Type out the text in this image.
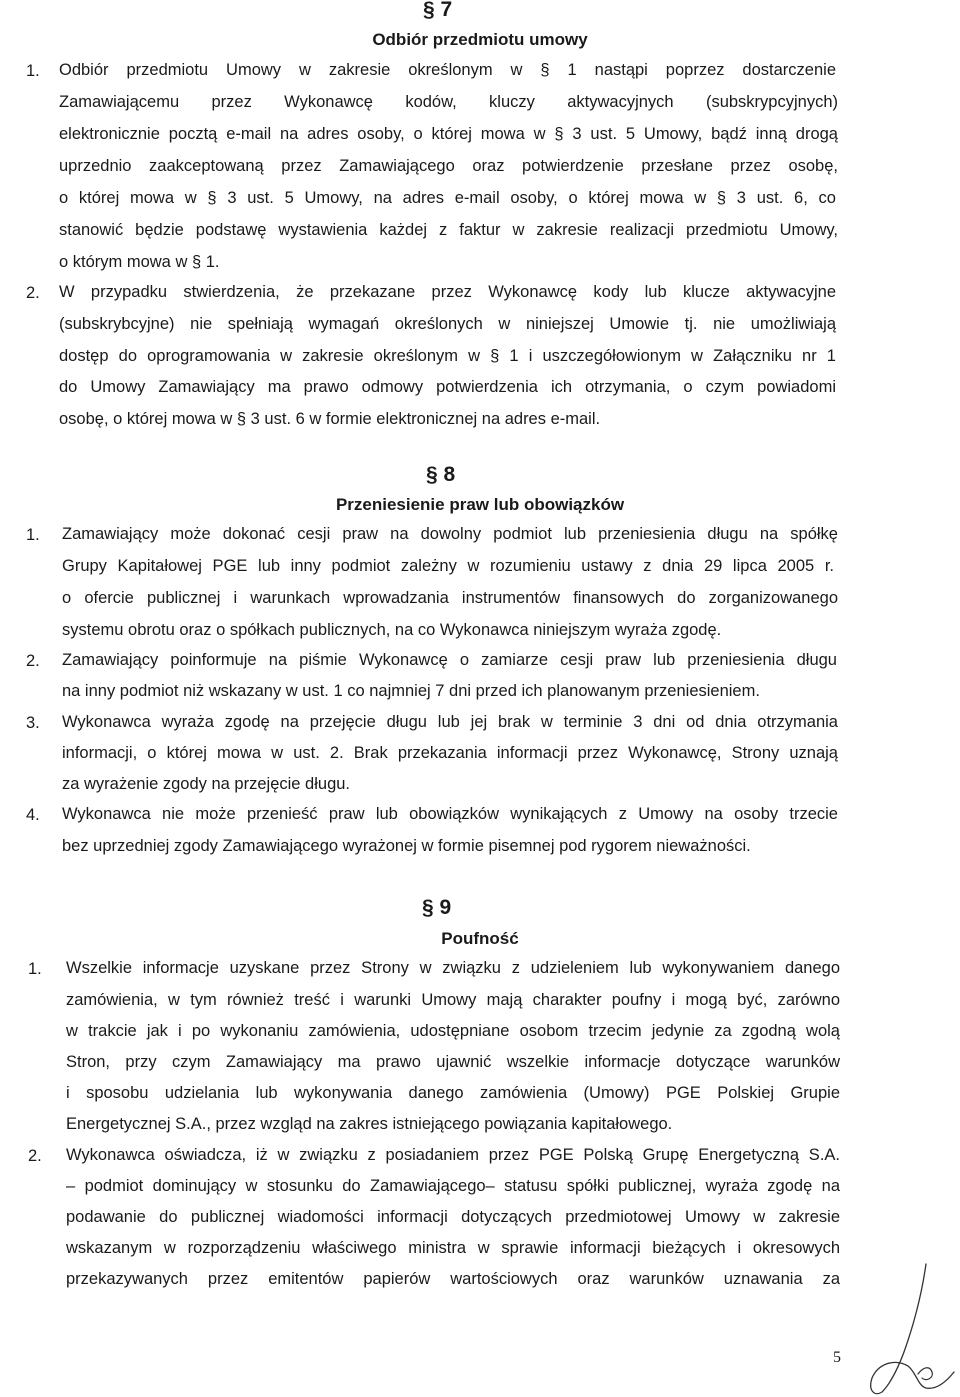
§ 7
Odbiór przedmiotu umowy
1. Odbiór przedmiotu Umowy w zakresie określonym w § 1 nastąpi poprzez dostarczenie
Zamawiającemu przez Wykonawcę kodów, kluczy aktywacyjnych (subskrypcyjnych)
elektronicznie pocztą e-mail na adres osoby, o której mowa w § 3 ust. 5 Umowy, bądź inną drogą
uprzednio zaakceptowaną przez Zamawiającego oraz potwierdzenie przesłane przez osobę,
o której mowa w § 3 ust. 5 Umowy, na adres e-mail osoby, o której mowa w § 3 ust. 6, co
stanowić będzie podstawę wystawienia każdej z faktur w zakresie realizacji przedmiotu Umowy,
o którym mowa w § 1.
2. W przypadku stwierdzenia, że przekazane przez Wykonawcę kody lub klucze aktywacyjne
(subskrybcyjne) nie spełniają wymagań określonych w niniejszej Umowie tj. nie umożliwiają
dostęp do oprogramowania w zakresie określonym w § 1 i uszczegółowionym w Załączniku nr 1
do Umowy Zamawiający ma prawo odmowy potwierdzenia ich otrzymania, o czym powiadomi
osobę, o której mowa w § 3 ust. 6 w formie elektronicznej na adres e-mail.
§ 8
Przeniesienie praw lub obowiązków
1. Zamawiający może dokonać cesji praw na dowolny podmiot lub przeniesienia długu na spółkę
Grupy Kapitałowej PGE lub inny podmiot zależny w rozumieniu ustawy z dnia 29 lipca 2005 r.
o ofercie publicznej i warunkach wprowadzania instrumentów finansowych do zorganizowanego
systemu obrotu oraz o spółkach publicznych, na co Wykonawca niniejszym wyraża zgodę.
2. Zamawiający poinformuje na piśmie Wykonawcę o zamiarze cesji praw lub przeniesienia długu
na inny podmiot niż wskazany w ust. 1 co najmniej 7 dni przed ich planowanym przeniesieniem.
3. Wykonawca wyraża zgodę na przejęcie długu lub jej brak w terminie 3 dni od dnia otrzymania
informacji, o której mowa w ust. 2. Brak przekazania informacji przez Wykonawcę, Strony uznają
za wyrażenie zgody na przejęcie długu.
4. Wykonawca nie może przenieść praw lub obowiązków wynikających z Umowy na osoby trzecie
bez uprzedniej zgody Zamawiającego wyrażonej w formie pisemnej pod rygorem nieważności.
§ 9
Poufność
1. Wszelkie informacje uzyskane przez Strony w związku z udzieleniem lub wykonywaniem danego
zamówienia, w tym również treść i warunki Umowy mają charakter poufny i mogą być, zarówno
w trakcie jak i po wykonaniu zamówienia, udostępniane osobom trzecim jedynie za zgodną wolą
Stron, przy czym Zamawiający ma prawo ujawnić wszelkie informacje dotyczące warunków
i sposobu udzielania lub wykonywania danego zamówienia (Umowy) PGE Polskiej Grupie
Energetycznej S.A., przez wzgląd na zakres istniejącego powiązania kapitałowego.
2. Wykonawca oświadcza, iż w związku z posiadaniem przez PGE Polską Grupę Energetyczną S.A.
– podmiot dominujący w stosunku do Zamawiającego– statusu spółki publicznej, wyraża zgodę na
podawanie do publicznej wiadomości informacji dotyczących przedmiotowej Umowy w zakresie
wskazanym w rozporządzeniu właściwego ministra w sprawie informacji bieżących i okresowych
przekazywanych przez emitentów papierów wartościowych oraz warunków uznawania za
5
